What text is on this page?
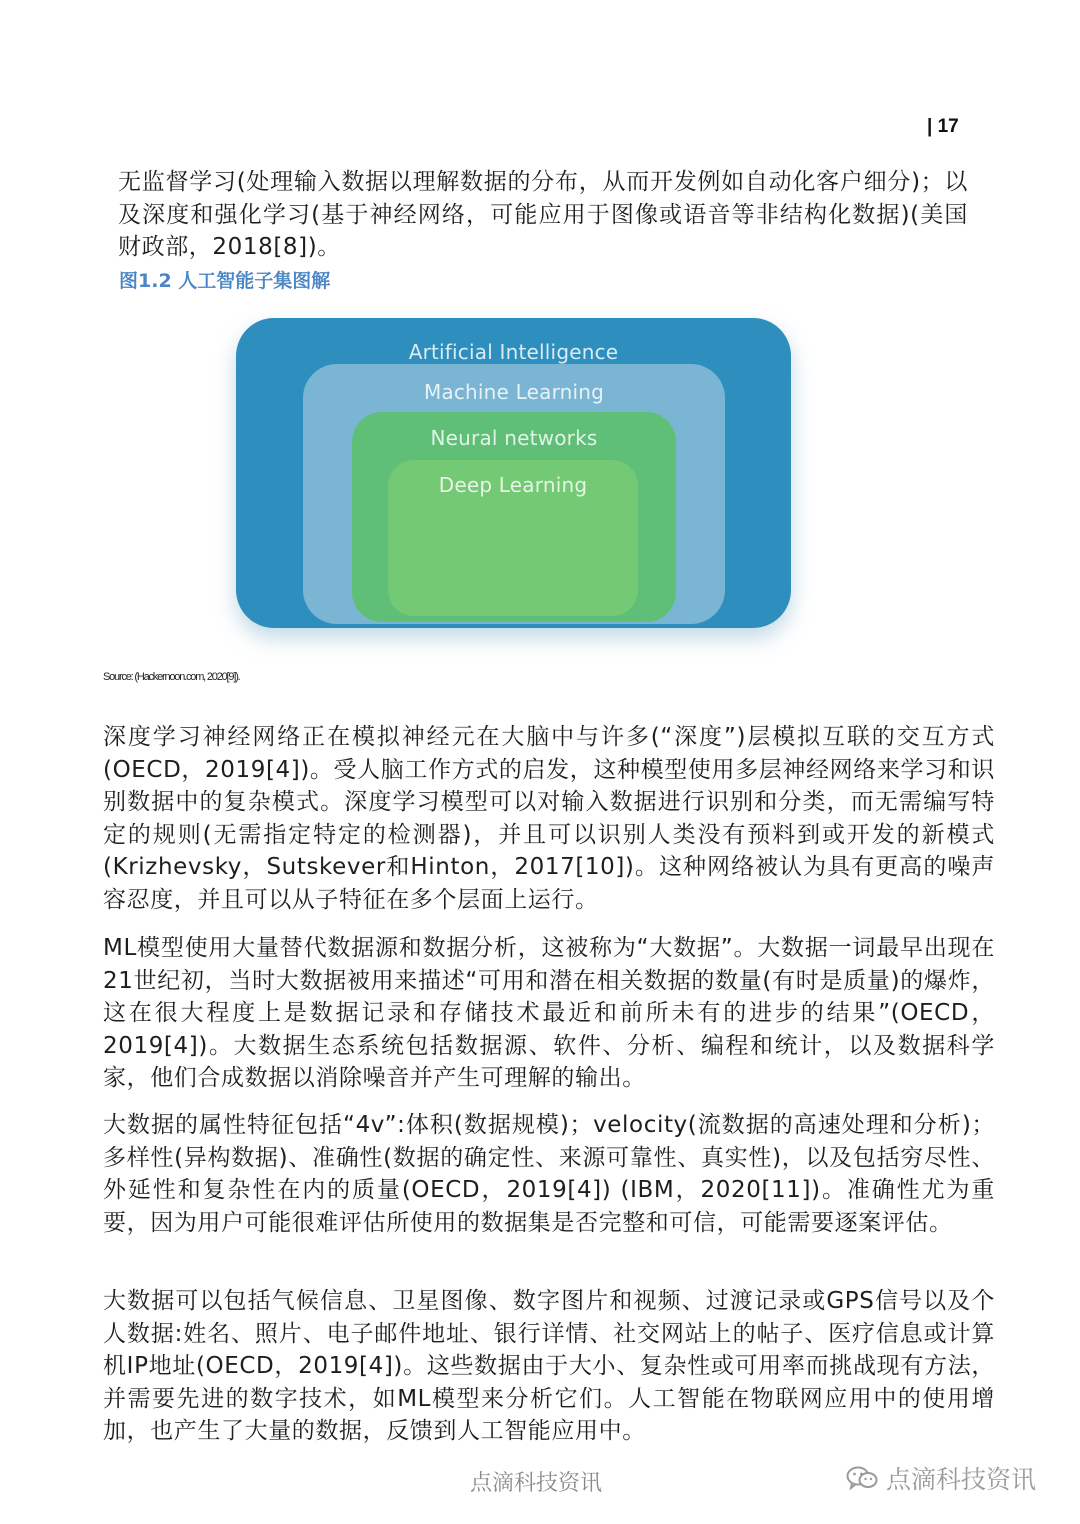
| 17

无监督学习(处理输入数据以理解数据的分布，从而开发例如自动化客户细分)；以及深度和强化学习(基于神经网络，可能应用于图像或语音等非结构化数据)(美国财政部，2018[8])。

图1.2 人工智能子集图解
Artificial Intelligence
Machine Learning
Neural networks
Deep Learning
Source: (Hackernoon.com, 2020[9]).

深度学习神经网络正在模拟神经元在大脑中与许多(“深度”)层模拟互联的交互方式(OECD，2019[4])。受人脑工作方式的启发，这种模型使用多层神经网络来学习和识别数据中的复杂模式。深度学习模型可以对输入数据进行识别和分类，而无需编写特定的规则(无需指定特定的检测器)，并且可以识别人类没有预料到或开发的新模式(Krizhevsky，Sutskever和Hinton，2017[10])。这种网络被认为具有更高的噪声容忍度，并且可以从子特征在多个层面上运行。

ML模型使用大量替代数据源和数据分析，这被称为“大数据”。大数据一词最早出现在21世纪初，当时大数据被用来描述“可用和潜在相关数据的数量(有时是质量)的爆炸，这在很大程度上是数据记录和存储技术最近和前所未有的进步的结果”(OECD，2019[4])。大数据生态系统包括数据源、软件、分析、编程和统计，以及数据科学家，他们合成数据以消除噪音并产生可理解的输出。

大数据的属性特征包括“4v”:体积(数据规模)；velocity(流数据的高速处理和分析)；多样性(异构数据)、准确性(数据的确定性、来源可靠性、真实性)，以及包括穷尽性、外延性和复杂性在内的质量(OECD，2019[4]) (IBM，2020[11])。准确性尤为重要，因为用户可能很难评估所使用的数据集是否完整和可信，可能需要逐案评估。

大数据可以包括气候信息、卫星图像、数字图片和视频、过渡记录或GPS信号以及个人数据:姓名、照片、电子邮件地址、银行详情、社交网站上的帖子、医疗信息或计算机IP地址(OECD，2019[4])。这些数据由于大小、复杂性或可用率而挑战现有方法，并需要先进的数字技术，如ML模型来分析它们。人工智能在物联网应用中的使用增加，也产生了大量的数据，反馈到人工智能应用中。

点滴科技资讯	点滴科技资讯
